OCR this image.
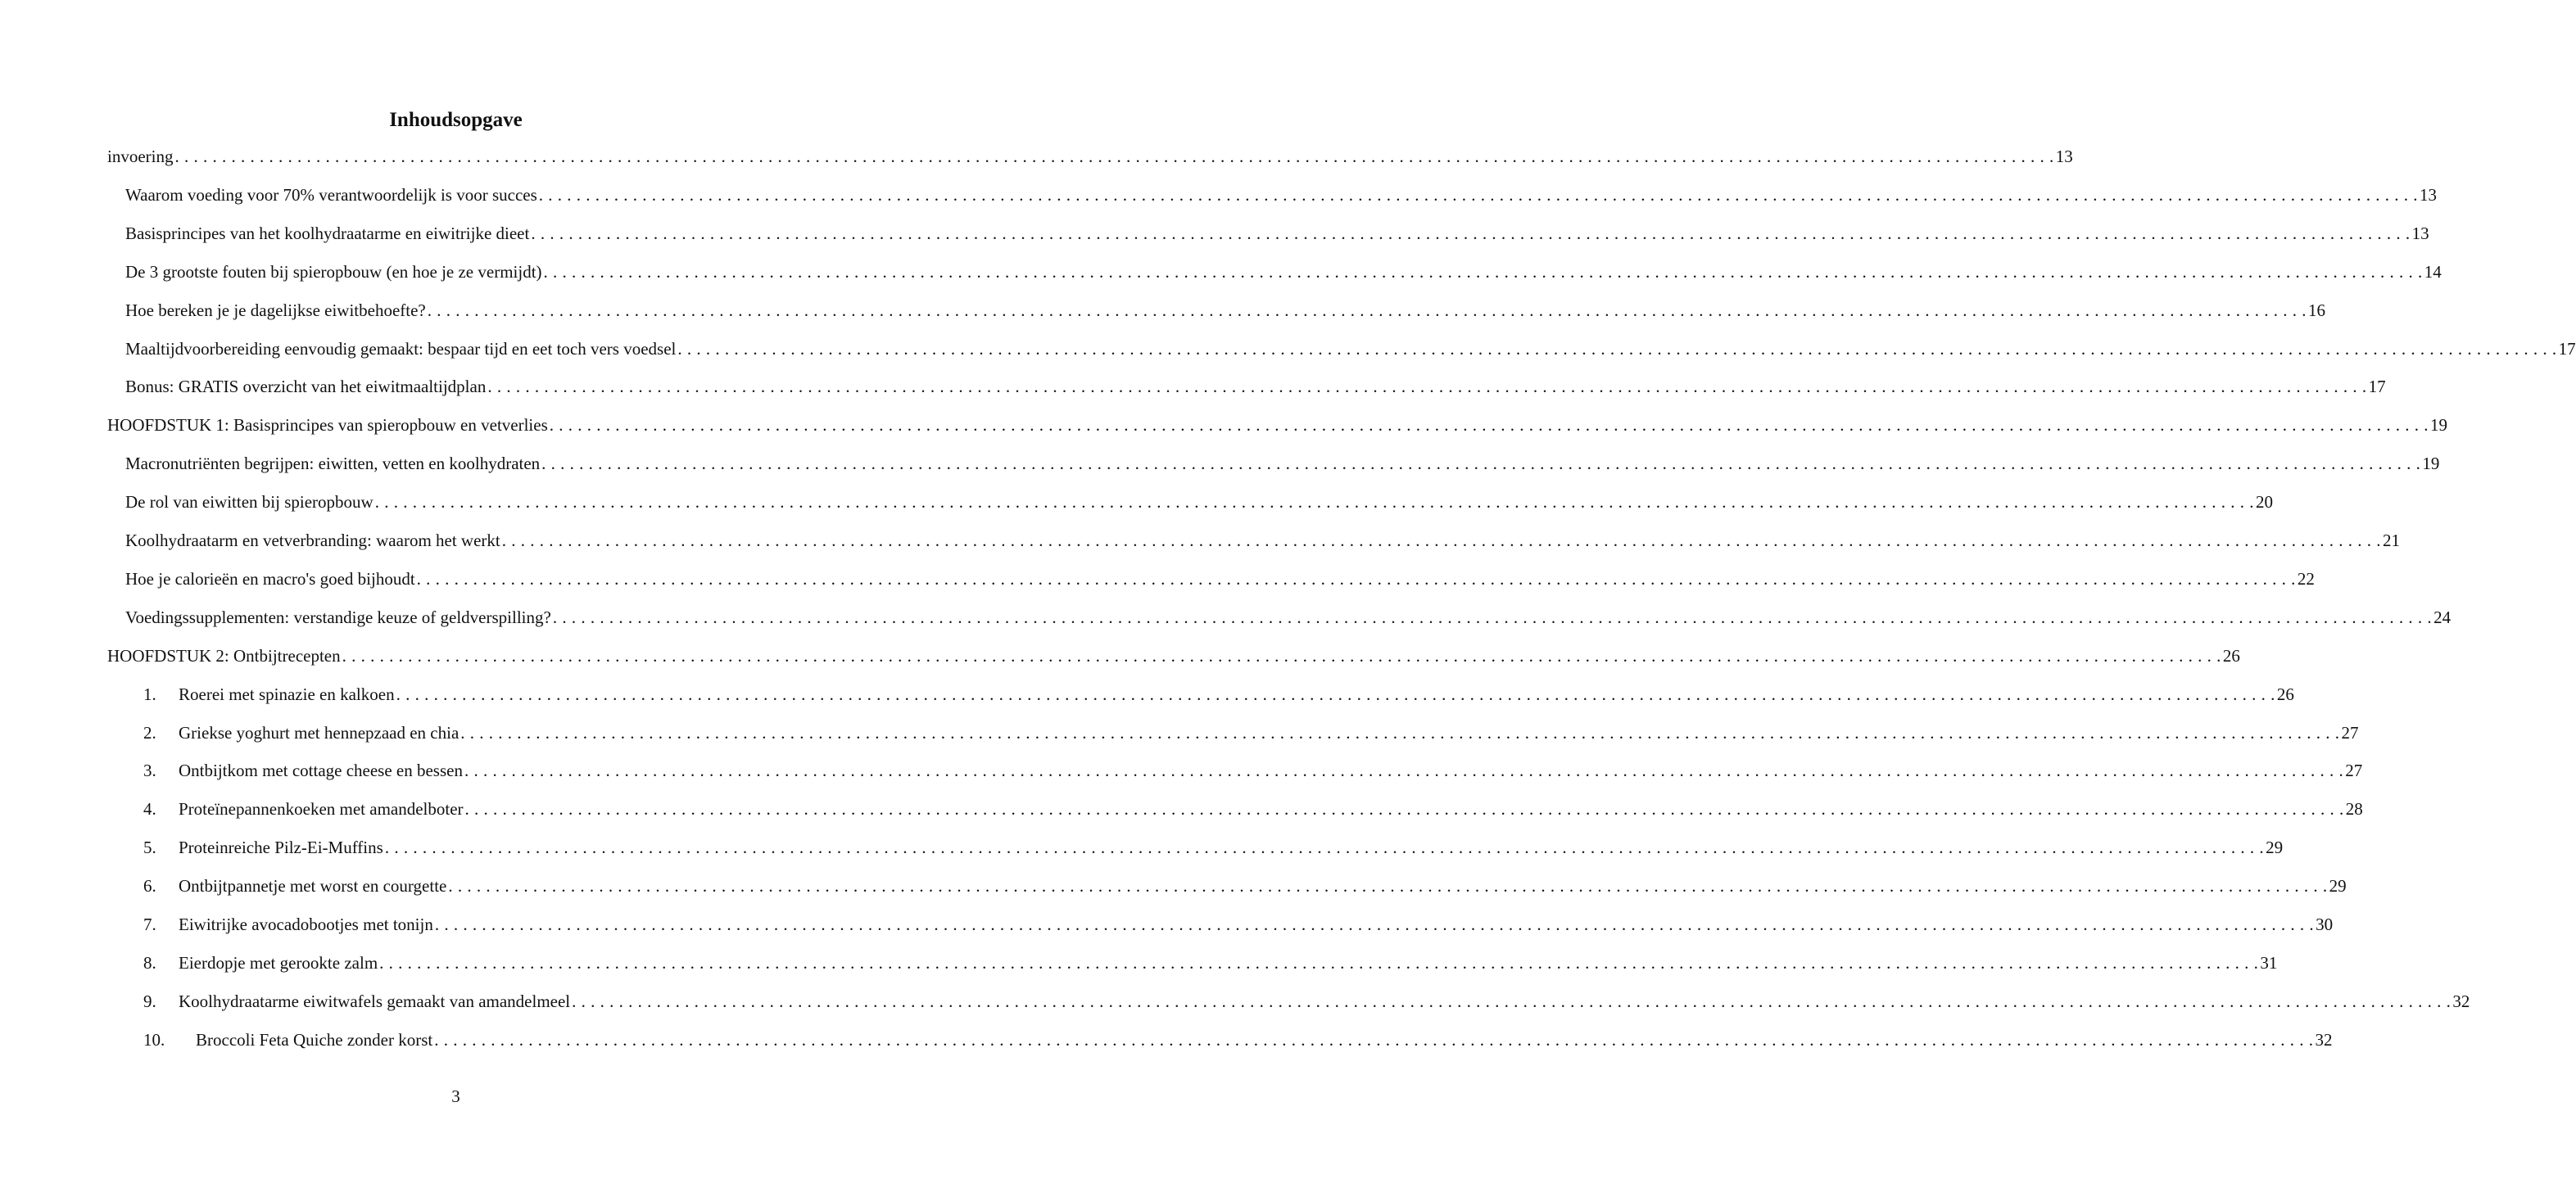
Inhoudsopgave
invoering . . . . . . . . . . . . . . . . . . . . . . . . . . . . . . . . . . . . . . . . . . . . . . . . . . . . . . . . . . . . . . . . . . . . . . . . . . . . . . . . . . . . . . . . . . . . . . . . . . . . . . . . . . . . . . . . . . . . . . . . . . . . . . . . . . . . . . . . . . . . . . . . . . . . . . . . . . . . . . . . . . . . . . . . . . . . . . . . . . . . . . . . . . . . . . . . . . . . . . . . 13
Waarom voeding voor 70% verantwoordelijk is voor succes . . . . . . . . . . . . . . . . . . . . . . . . . . . . . . . . . . . . . . . . . . . . . . . . . . . . . . . . . . . . . . . . . . . . . . . . . . . . . . . . . . . . . . . . . . . . . . . . . . . . . . . . . . . . . . . . . . . . . . . . . . . . . . . . . . . . . . . . . . . . . . . . . . . . . . . . . . . . . . . . . . . . . . . . . . . . . . . . . . . . . . . . . . . . . . . . . . . . . . . . 13
Basisprincipes van het koolhydraatarme en eiwitrijke dieet . . . . . . . . . . . . . . . . . . . . . . . . . . . . . . . . . . . . . . . . . . . . . . . . . . . . . . . . . . . . . . . . . . . . . . . . . . . . . . . . . . . . . . . . . . . . . . . . . . . . . . . . . . . . . . . . . . . . . . . . . . . . . . . . . . . . . . . . . . . . . . . . . . . . . . . . . . . . . . . . . . . . . . . . . . . . . . . . . . . . . . . . . . . . . . . . . . . . . . . . 13
De 3 grootste fouten bij spieropbouw (en hoe je ze vermijdt) . . . . . . . . . . . . . . . . . . . . . . . . . . . . . . . . . . . . . . . . . . . . . . . . . . . . . . . . . . . . . . . . . . . . . . . . . . . . . . . . . . . . . . . . . . . . . . . . . . . . . . . . . . . . . . . . . . . . . . . . . . . . . . . . . . . . . . . . . . . . . . . . . . . . . . . . . . . . . . . . . . . . . . . . . . . . . . . . . . . . . . . . . . . . . . . . . . . . . . . . 14
Hoe bereken je je dagelijkse eiwitbehoefte? . . . . . . . . . . . . . . . . . . . . . . . . . . . . . . . . . . . . . . . . . . . . . . . . . . . . . . . . . . . . . . . . . . . . . . . . . . . . . . . . . . . . . . . . . . . . . . . . . . . . . . . . . . . . . . . . . . . . . . . . . . . . . . . . . . . . . . . . . . . . . . . . . . . . . . . . . . . . . . . . . . . . . . . . . . . . . . . . . . . . . . . . . . . . . . . . . . . . . . . . 16
Maaltijdvoorbereiding eenvoudig gemaakt: bespaar tijd en eet toch vers voedsel . . . . . . . . . . . . . . . . . . . . . . . . . . . . . . . . . . . . . . . . . . . . . . . . . . . . . . . . . . . . . . . . . . . . . . . . . . . . . . . . . . . . . . . . . . . . . . . . . . . . . . . . . . . . . . . . . . . . . . . . . . . . . . . . . . . . . . . . . . . . . . . . . . . . . . . . . . . . . . . . . . . . . . . . . . . . . . . . . . . . . . . . . . . . . . . . . . . . . . . . 17
Bonus: GRATIS overzicht van het eiwitmaaltijdplan . . . . . . . . . . . . . . . . . . . . . . . . . . . . . . . . . . . . . . . . . . . . . . . . . . . . . . . . . . . . . . . . . . . . . . . . . . . . . . . . . . . . . . . . . . . . . . . . . . . . . . . . . . . . . . . . . . . . . . . . . . . . . . . . . . . . . . . . . . . . . . . . . . . . . . . . . . . . . . . . . . . . . . . . . . . . . . . . . . . . . . . . . . . . . . . . . . . . . . . . 17
HOOFDSTUK 1: Basisprincipes van spieropbouw en vetverlies . . . . . . . . . . . . . . . . . . . . . . . . . . . . . . . . . . . . . . . . . . . . . . . . . . . . . . . . . . . . . . . . . . . . . . . . . . . . . . . . . . . . . . . . . . . . . . . . . . . . . . . . . . . . . . . . . . . . . . . . . . . . . . . . . . . . . . . . . . . . . . . . . . . . . . . . . . . . . . . . . . . . . . . . . . . . . . . . . . . . . . . . . . . . . . . . . . . . . . . . 19
Macronutriënten begrijpen: eiwitten, vetten en koolhydraten . . . . . . . . . . . . . . . . . . . . . . . . . . . . . . . . . . . . . . . . . . . . . . . . . . . . . . . . . . . . . . . . . . . . . . . . . . . . . . . . . . . . . . . . . . . . . . . . . . . . . . . . . . . . . . . . . . . . . . . . . . . . . . . . . . . . . . . . . . . . . . . . . . . . . . . . . . . . . . . . . . . . . . . . . . . . . . . . . . . . . . . . . . . . . . . . . . . . . . . . 19
De rol van eiwitten bij spieropbouw . . . . . . . . . . . . . . . . . . . . . . . . . . . . . . . . . . . . . . . . . . . . . . . . . . . . . . . . . . . . . . . . . . . . . . . . . . . . . . . . . . . . . . . . . . . . . . . . . . . . . . . . . . . . . . . . . . . . . . . . . . . . . . . . . . . . . . . . . . . . . . . . . . . . . . . . . . . . . . . . . . . . . . . . . . . . . . . . . . . . . . . . . . . . . . . . . . . . . . . . 20
Koolhydraatarm en vetverbranding: waarom het werkt . . . . . . . . . . . . . . . . . . . . . . . . . . . . . . . . . . . . . . . . . . . . . . . . . . . . . . . . . . . . . . . . . . . . . . . . . . . . . . . . . . . . . . . . . . . . . . . . . . . . . . . . . . . . . . . . . . . . . . . . . . . . . . . . . . . . . . . . . . . . . . . . . . . . . . . . . . . . . . . . . . . . . . . . . . . . . . . . . . . . . . . . . . . . . . . . . . . . . . . . 21
Hoe je calorieën en macro's goed bijhoudt . . . . . . . . . . . . . . . . . . . . . . . . . . . . . . . . . . . . . . . . . . . . . . . . . . . . . . . . . . . . . . . . . . . . . . . . . . . . . . . . . . . . . . . . . . . . . . . . . . . . . . . . . . . . . . . . . . . . . . . . . . . . . . . . . . . . . . . . . . . . . . . . . . . . . . . . . . . . . . . . . . . . . . . . . . . . . . . . . . . . . . . . . . . . . . . . . . . . . . . . 22
Voedingssupplementen: verstandige keuze of geldverspilling? . . . . . . . . . . . . . . . . . . . . . . . . . . . . . . . . . . . . . . . . . . . . . . . . . . . . . . . . . . . . . . . . . . . . . . . . . . . . . . . . . . . . . . . . . . . . . . . . . . . . . . . . . . . . . . . . . . . . . . . . . . . . . . . . . . . . . . . . . . . . . . . . . . . . . . . . . . . . . . . . . . . . . . . . . . . . . . . . . . . . . . . . . . . . . . . . . . . . . . . . 24
HOOFDSTUK 2: Ontbijtrecepten . . . . . . . . . . . . . . . . . . . . . . . . . . . . . . . . . . . . . . . . . . . . . . . . . . . . . . . . . . . . . . . . . . . . . . . . . . . . . . . . . . . . . . . . . . . . . . . . . . . . . . . . . . . . . . . . . . . . . . . . . . . . . . . . . . . . . . . . . . . . . . . . . . . . . . . . . . . . . . . . . . . . . . . . . . . . . . . . . . . . . . . . . . . . . . . . . . . . . . . . 26
1.	Roerei met spinazie en kalkoen . . . . . . . . . . . . . . . . . . . . . . . . . . . . . . . . . . . . . . . . . . . . . . . . . . . . . . . . . . . . . . . . . . . . . . . . . . . . . . . . . . . . . . . . . . . . . . . . . . . . . . . . . . . . . . . . . . . . . . . . . . . . . . . . . . . . . . . . . . . . . . . . . . . . . . . . . . . . . . . . . . . . . . . . . . . . . . . . . . . . . . . . . . . . . . . . . . . . . . . . 26
2.	Griekse yoghurt met hennepzaad en chia . . . . . . . . . . . . . . . . . . . . . . . . . . . . . . . . . . . . . . . . . . . . . . . . . . . . . . . . . . . . . . . . . . . . . . . . . . . . . . . . . . . . . . . . . . . . . . . . . . . . . . . . . . . . . . . . . . . . . . . . . . . . . . . . . . . . . . . . . . . . . . . . . . . . . . . . . . . . . . . . . . . . . . . . . . . . . . . . . . . . . . . . . . . . . . . . . . . . . . . . 27
3.	Ontbijtkom met cottage cheese en bessen . . . . . . . . . . . . . . . . . . . . . . . . . . . . . . . . . . . . . . . . . . . . . . . . . . . . . . . . . . . . . . . . . . . . . . . . . . . . . . . . . . . . . . . . . . . . . . . . . . . . . . . . . . . . . . . . . . . . . . . . . . . . . . . . . . . . . . . . . . . . . . . . . . . . . . . . . . . . . . . . . . . . . . . . . . . . . . . . . . . . . . . . . . . . . . . . . . . . . . . . 27
4.	Proteïnepannenkoeken met amandelboter . . . . . . . . . . . . . . . . . . . . . . . . . . . . . . . . . . . . . . . . . . . . . . . . . . . . . . . . . . . . . . . . . . . . . . . . . . . . . . . . . . . . . . . . . . . . . . . . . . . . . . . . . . . . . . . . . . . . . . . . . . . . . . . . . . . . . . . . . . . . . . . . . . . . . . . . . . . . . . . . . . . . . . . . . . . . . . . . . . . . . . . . . . . . . . . . . . . . . . . . 28
5.	Proteinreiche Pilz-Ei-Muffins . . . . . . . . . . . . . . . . . . . . . . . . . . . . . . . . . . . . . . . . . . . . . . . . . . . . . . . . . . . . . . . . . . . . . . . . . . . . . . . . . . . . . . . . . . . . . . . . . . . . . . . . . . . . . . . . . . . . . . . . . . . . . . . . . . . . . . . . . . . . . . . . . . . . . . . . . . . . . . . . . . . . . . . . . . . . . . . . . . . . . . . . . . . . . . . . . . . . . . . . 29
6.	Ontbijtpannetje met worst en courgette . . . . . . . . . . . . . . . . . . . . . . . . . . . . . . . . . . . . . . . . . . . . . . . . . . . . . . . . . . . . . . . . . . . . . . . . . . . . . . . . . . . . . . . . . . . . . . . . . . . . . . . . . . . . . . . . . . . . . . . . . . . . . . . . . . . . . . . . . . . . . . . . . . . . . . . . . . . . . . . . . . . . . . . . . . . . . . . . . . . . . . . . . . . . . . . . . . . . . . . . 29
7.	Eiwitrijke avocadobootjes met tonijn . . . . . . . . . . . . . . . . . . . . . . . . . . . . . . . . . . . . . . . . . . . . . . . . . . . . . . . . . . . . . . . . . . . . . . . . . . . . . . . . . . . . . . . . . . . . . . . . . . . . . . . . . . . . . . . . . . . . . . . . . . . . . . . . . . . . . . . . . . . . . . . . . . . . . . . . . . . . . . . . . . . . . . . . . . . . . . . . . . . . . . . . . . . . . . . . . . . . . . . . 30
8.	Eierdopje met gerookte zalm . . . . . . . . . . . . . . . . . . . . . . . . . . . . . . . . . . . . . . . . . . . . . . . . . . . . . . . . . . . . . . . . . . . . . . . . . . . . . . . . . . . . . . . . . . . . . . . . . . . . . . . . . . . . . . . . . . . . . . . . . . . . . . . . . . . . . . . . . . . . . . . . . . . . . . . . . . . . . . . . . . . . . . . . . . . . . . . . . . . . . . . . . . . . . . . . . . . . . . . . 31
9.	Koolhydraatarme eiwitwafels gemaakt van amandelmeel . . . . . . . . . . . . . . . . . . . . . . . . . . . . . . . . . . . . . . . . . . . . . . . . . . . . . . . . . . . . . . . . . . . . . . . . . . . . . . . . . . . . . . . . . . . . . . . . . . . . . . . . . . . . . . . . . . . . . . . . . . . . . . . . . . . . . . . . . . . . . . . . . . . . . . . . . . . . . . . . . . . . . . . . . . . . . . . . . . . . . . . . . . . . . . . . . . . . . . . . 32
10.	Broccoli Feta Quiche zonder korst . . . . . . . . . . . . . . . . . . . . . . . . . . . . . . . . . . . . . . . . . . . . . . . . . . . . . . . . . . . . . . . . . . . . . . . . . . . . . . . . . . . . . . . . . . . . . . . . . . . . . . . . . . . . . . . . . . . . . . . . . . . . . . . . . . . . . . . . . . . . . . . . . . . . . . . . . . . . . . . . . . . . . . . . . . . . . . . . . . . . . . . . . . . . . . . . . . . . . . . . 32
3
